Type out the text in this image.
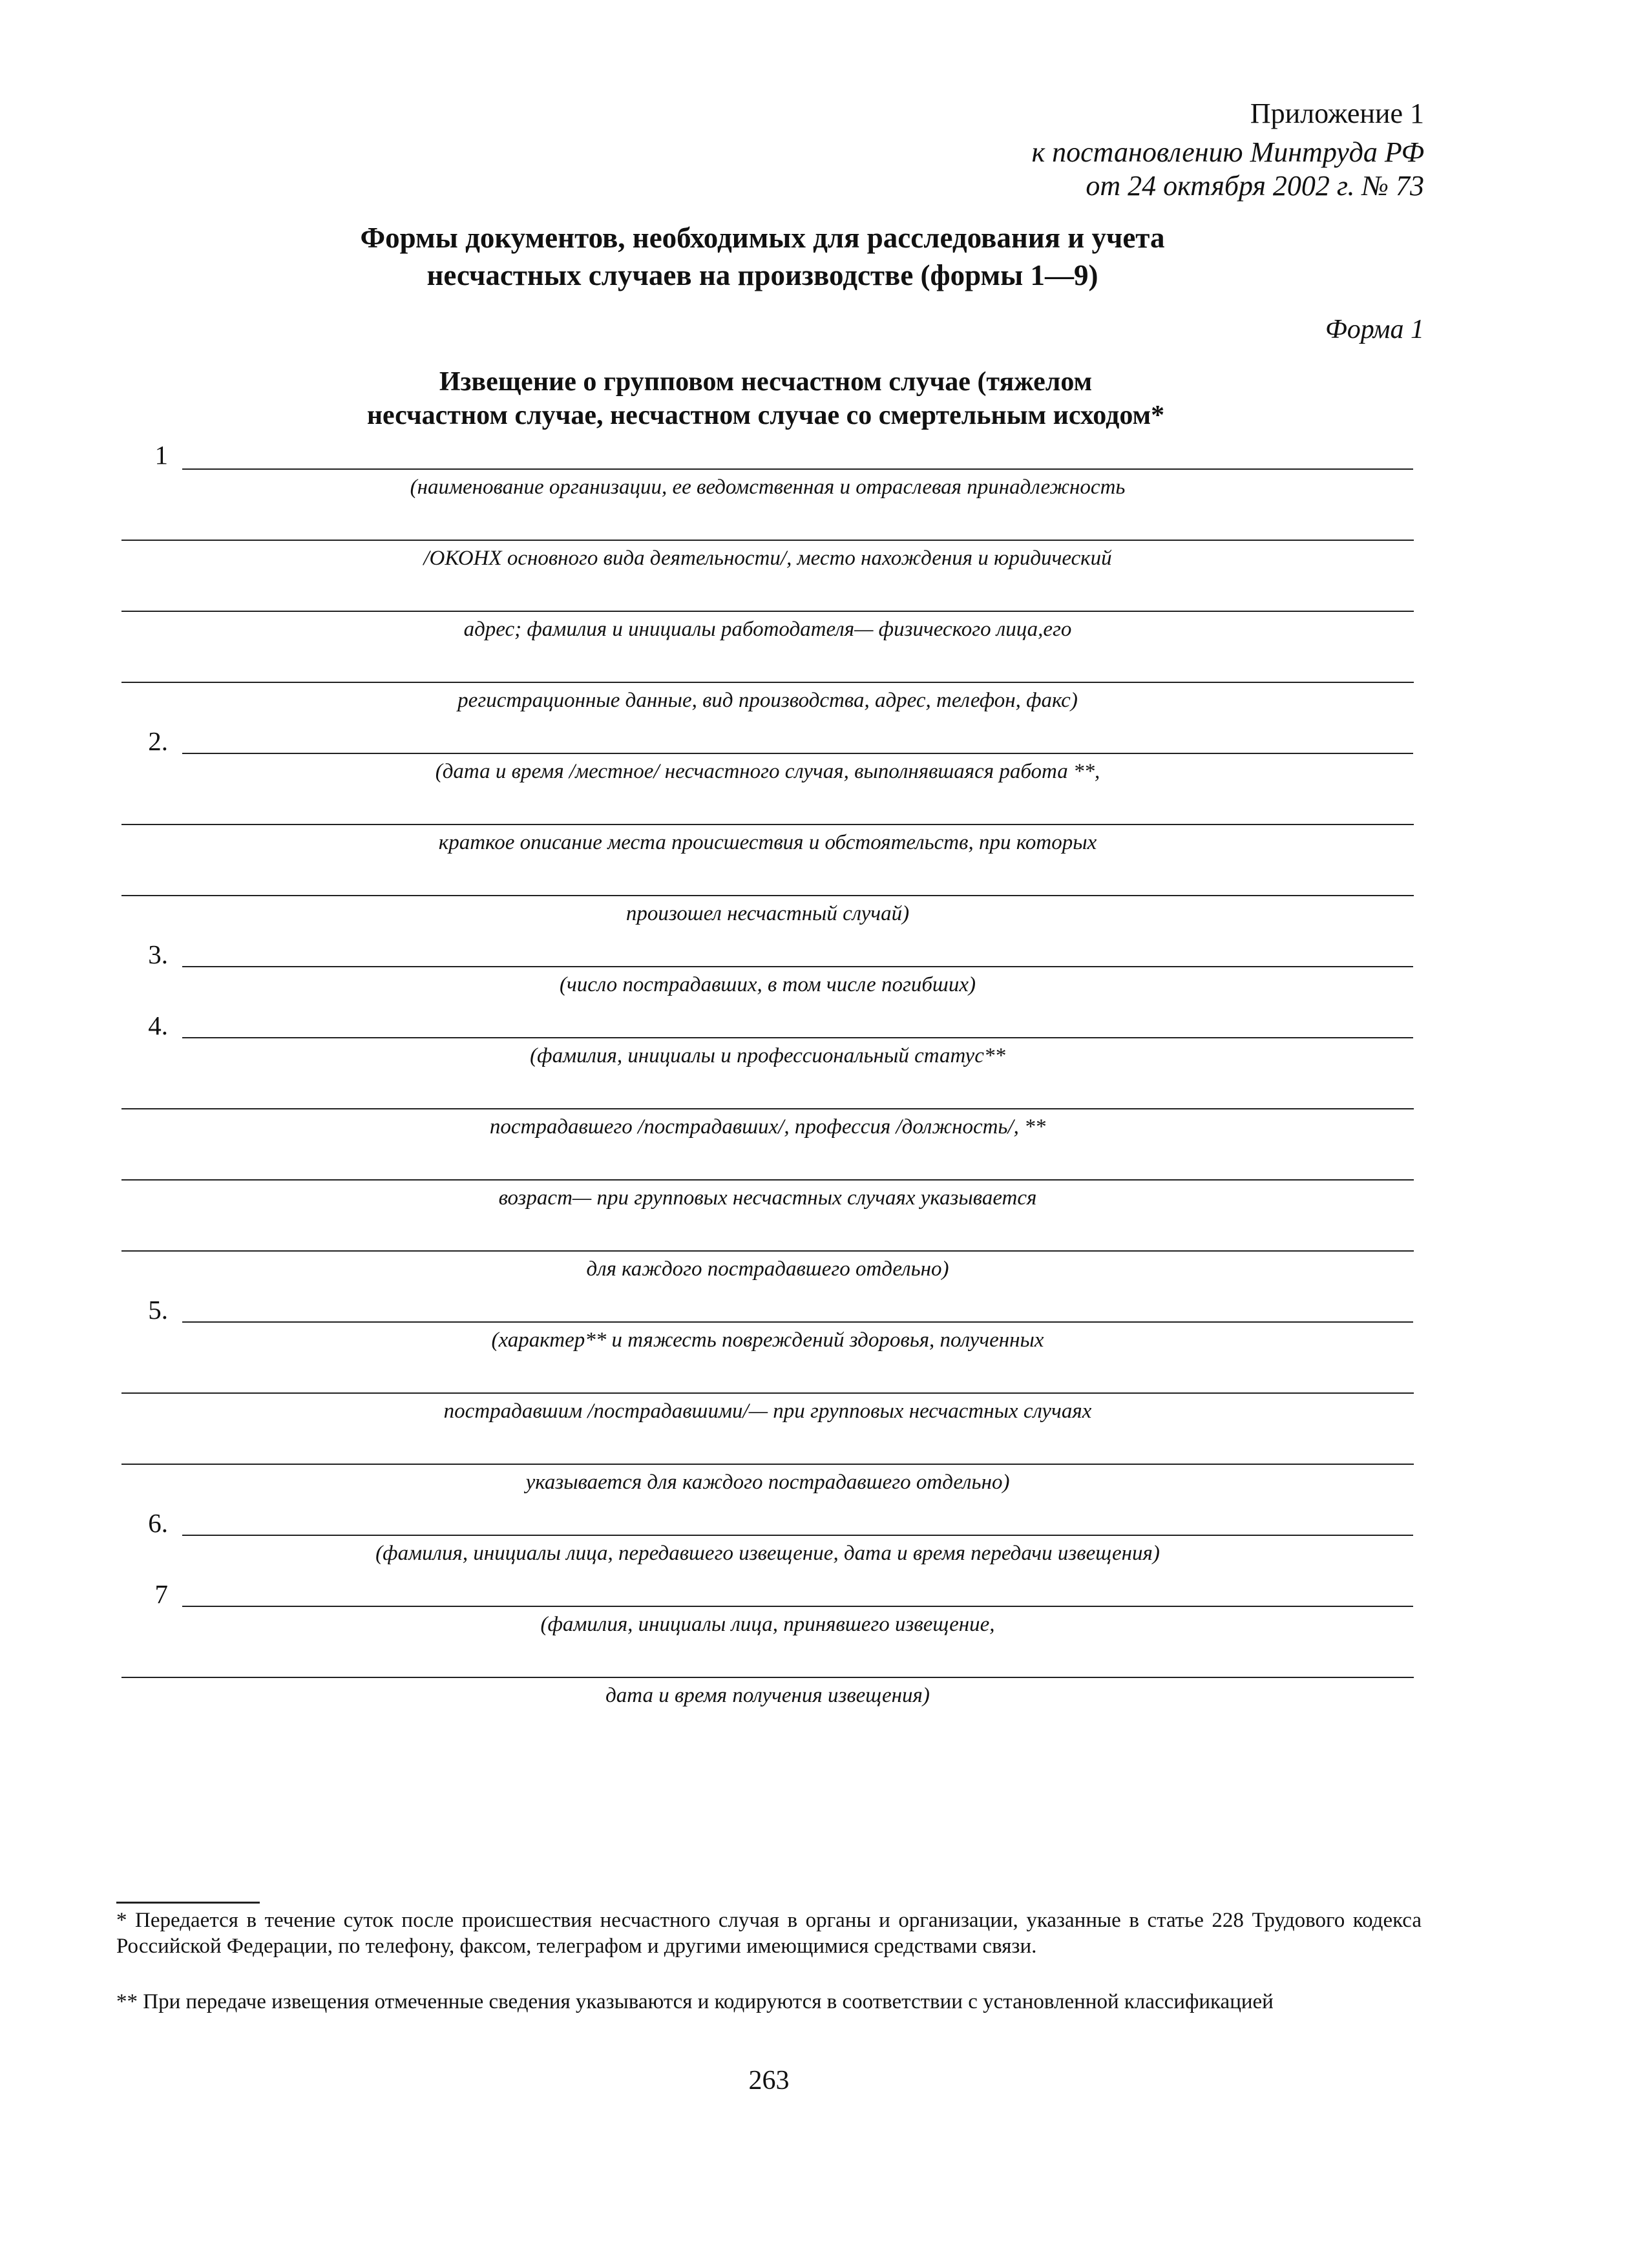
Приложение 1
к постановлению Минтруда РФ
от 24 октября 2002 г. № 73
Формы документов, необходимых для расследования и учета
несчастных случаев на производстве (формы 1—9)
Форма 1
Извещение о групповом несчастном случае (тяжелом
несчастном случае, несчастном случае со смертельным исходом*
1
(наименование организации, ее ведомственная и отраслевая принадлежность
/ОКОНХ основного вида деятельности/, место нахождения и юридический
адрес; фамилия и инициалы работодателя— физического лица,его
регистрационные данные, вид производства, адрес, телефон, факс)
2.
(дата и время /местное/ несчастного случая, выполнявшаяся работа **,
краткое описание места происшествия и обстоятельств, при которых
произошел несчастный случай)
3.
(число пострадавших, в том числе погибших)
4.
(фамилия, инициалы и профессиональный статус**
пострадавшего /пострадавших/, профессия /должность/, **
возраст— при групповых несчастных случаях указывается
для каждого пострадавшего отдельно)
5.
(характер** и тяжесть повреждений здоровья, полученных
пострадавшим /пострадавшими/— при групповых несчастных случаях
указывается для каждого пострадавшего отдельно)
6.
(фамилия, инициалы лица, передавшего извещение, дата и время передачи извещения)
7
(фамилия, инициалы лица, принявшего извещение,
дата и время получения извещения)
* Передается в течение суток после происшествия несчастного случая в органы и организации, указанные в статье 228 Трудового кодекса Российской Федерации, по телефону, факсом, телеграфом и другими имеющимися средствами связи.
** При передаче извещения отмеченные сведения указываются и кодируются в соответствии с установленной классификацией
263
